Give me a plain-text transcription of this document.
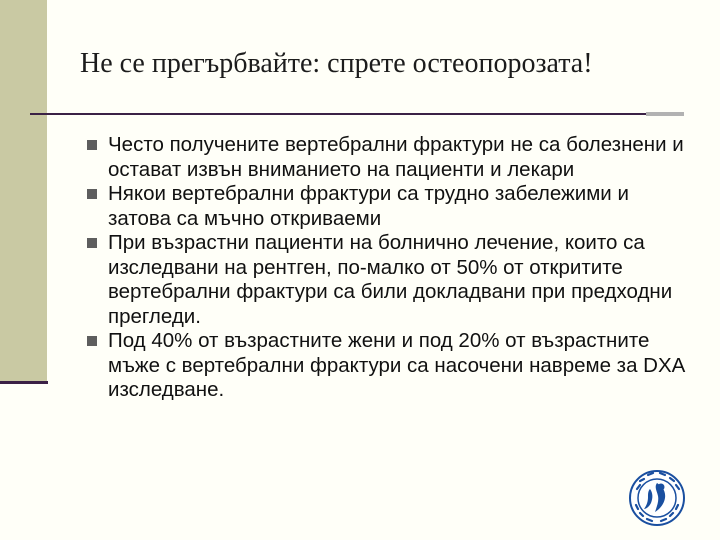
Не се прегърбвайте: спрете остеопорозата!
Често получените вертебрални фрактури не са болезнени и остават извън вниманието на пациенти и лекари
Някои вертебрални фрактури са трудно забележими и затова са мъчно откриваеми
При възрастни пациенти на болнично лечение, които са изследвани на рентген, по-малко от 50% от откритите вертебрални фрактури са били докладвани при предходни прегледи.
Под 40% от възрастните жени и под 20% от възрастните мъже с вертебрални фрактури са насочени навреме за DXA изследване.
